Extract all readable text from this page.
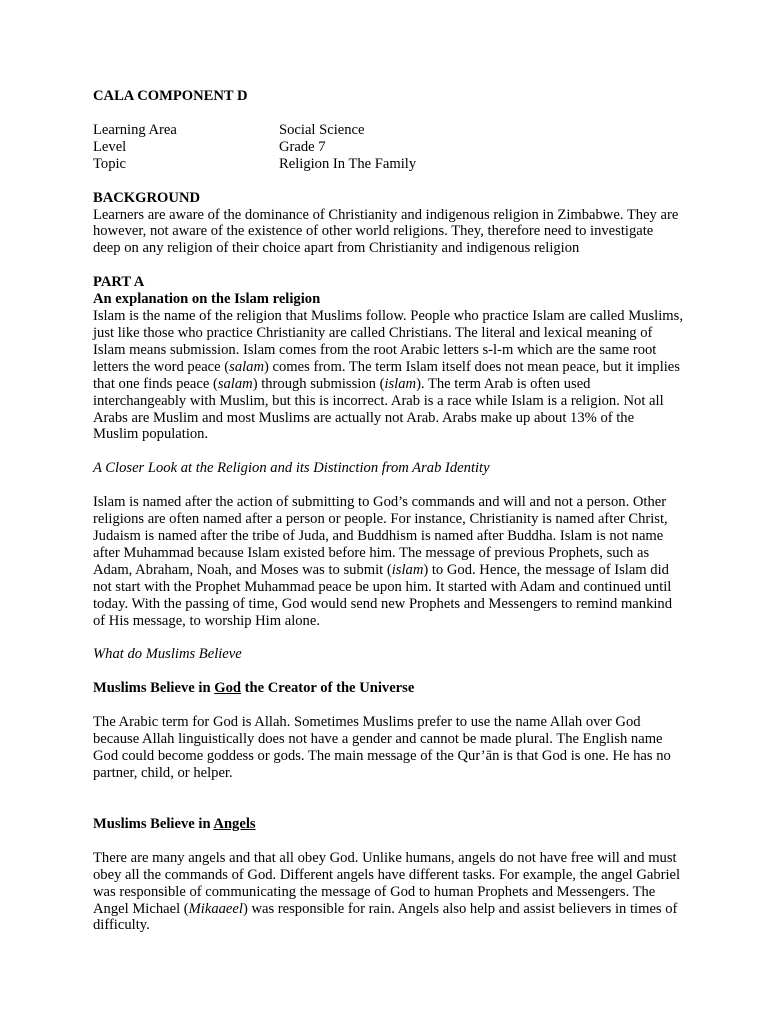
CALA COMPONENT D

Learning Area	Social Science
Level	Grade 7
Topic	Religion In The Family

BACKGROUND

Learners are aware of the dominance of Christianity and indigenous religion in Zimbabwe. They are however, not aware of the existence of other world religions. They, therefore need to investigate deep on any religion of their choice apart from Christianity and indigenous religion

PART A

An explanation on the Islam religion

Islam is the name of the religion that Muslims follow. People who practice Islam are called Muslims, just like those who practice Christianity are called Christians. The literal and lexical meaning of Islam means submission. Islam comes from the root Arabic letters s-l-m which are the same root letters the word peace (salam) comes from. The term Islam itself does not mean peace, but it implies that one finds peace (salam) through submission (islam). The term Arab is often used interchangeably with Muslim, but this is incorrect. Arab is a race while Islam is a religion. Not all Arabs are Muslim and most Muslims are actually not Arab. Arabs make up about 13% of the Muslim population.

A Closer Look at the Religion and its Distinction from Arab Identity

Islam is named after the action of submitting to God’s commands and will and not a person. Other religions are often named after a person or people. For instance, Christianity is named after Christ, Judaism is named after the tribe of Juda, and Buddhism is named after Buddha. Islam is not name after Muhammad because Islam existed before him. The message of previous Prophets, such as Adam, Abraham, Noah, and Moses was to submit (islam) to God. Hence, the message of Islam did not start with the Prophet Muhammad peace be upon him. It started with Adam and continued until today. With the passing of time, God would send new Prophets and Messengers to remind mankind of His message, to worship Him alone.

What do Muslims Believe

Muslims Believe in God the Creator of the Universe

The Arabic term for God is Allah. Sometimes Muslims prefer to use the name Allah over God because Allah linguistically does not have a gender and cannot be made plural. The English name God could become goddess or gods. The main message of the Qur’ān is that God is one. He has no partner, child, or helper.

Muslims Believe in Angels

There are many angels and that all obey God. Unlike humans, angels do not have free will and must obey all the commands of God. Different angels have different tasks. For example, the angel Gabriel was responsible of communicating the message of God to human Prophets and Messengers. The Angel Michael (Mikaaeel) was responsible for rain. Angels also help and assist believers in times of difficulty.
